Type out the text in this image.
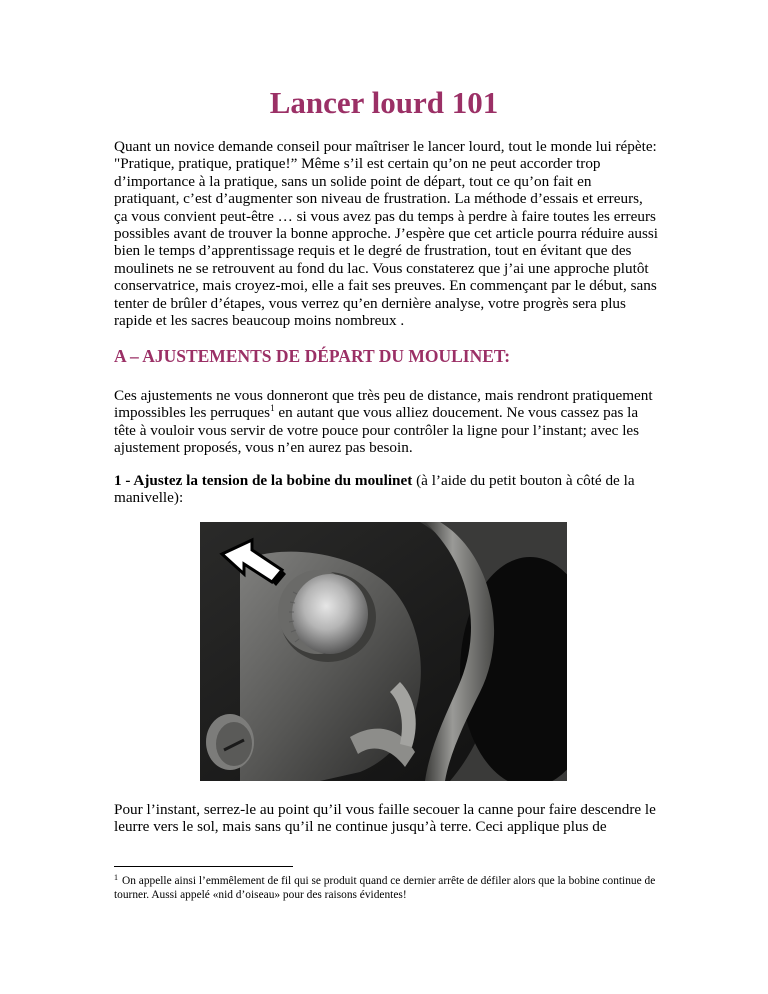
Lancer lourd 101

Quant un novice demande conseil pour maîtriser le lancer lourd, tout le monde lui répète: "Pratique, pratique, pratique!” Même s’il est certain qu’on ne peut accorder trop d’importance à la pratique, sans un solide point de départ, tout ce qu’on fait en pratiquant, c’est d’augmenter son niveau de frustration. La méthode d’essais et erreurs, ça vous convient peut-être … si vous avez pas du temps à perdre à faire toutes les erreurs possibles avant de trouver la bonne approche. J’espère que cet article pourra réduire aussi bien le temps d’apprentissage requis et le degré de frustration, tout en évitant que des moulinets ne se retrouvent au fond du lac. Vous constaterez que j’ai une approche plutôt conservatrice, mais croyez-moi, elle a fait ses preuves. En commençant par le début, sans tenter de brûler d’étapes, vous verrez qu’en dernière analyse, votre progrès sera plus rapide et les sacres beaucoup moins nombreux .

A – AJUSTEMENTS DE DÉPART DU MOULINET:

Ces ajustements ne vous donneront que très peu de distance, mais rendront pratiquement impossibles les perruques$^1$ en autant que vous alliez doucement. Ne vous cassez pas la tête à vouloir vous servir de votre pouce pour contrôler la ligne pour l’instant; avec les ajustement proposés, vous n’en aurez pas besoin.

1 - Ajustez la tension de la bobine du moulinet (à l’aide du petit bouton à côté de la manivelle):

Pour l’instant, serrez-le au point qu’il vous faille secouer la canne pour faire descendre le leurre vers le sol, mais sans qu’il ne continue jusqu’à terre. Ceci applique plus de

$^1$ On appelle ainsi l’emmêlement de fil qui se produit quand ce dernier arrête de défiler alors que la bobine continue de tourner. Aussi appelé «nid d’oiseau» pour des raisons évidentes!
